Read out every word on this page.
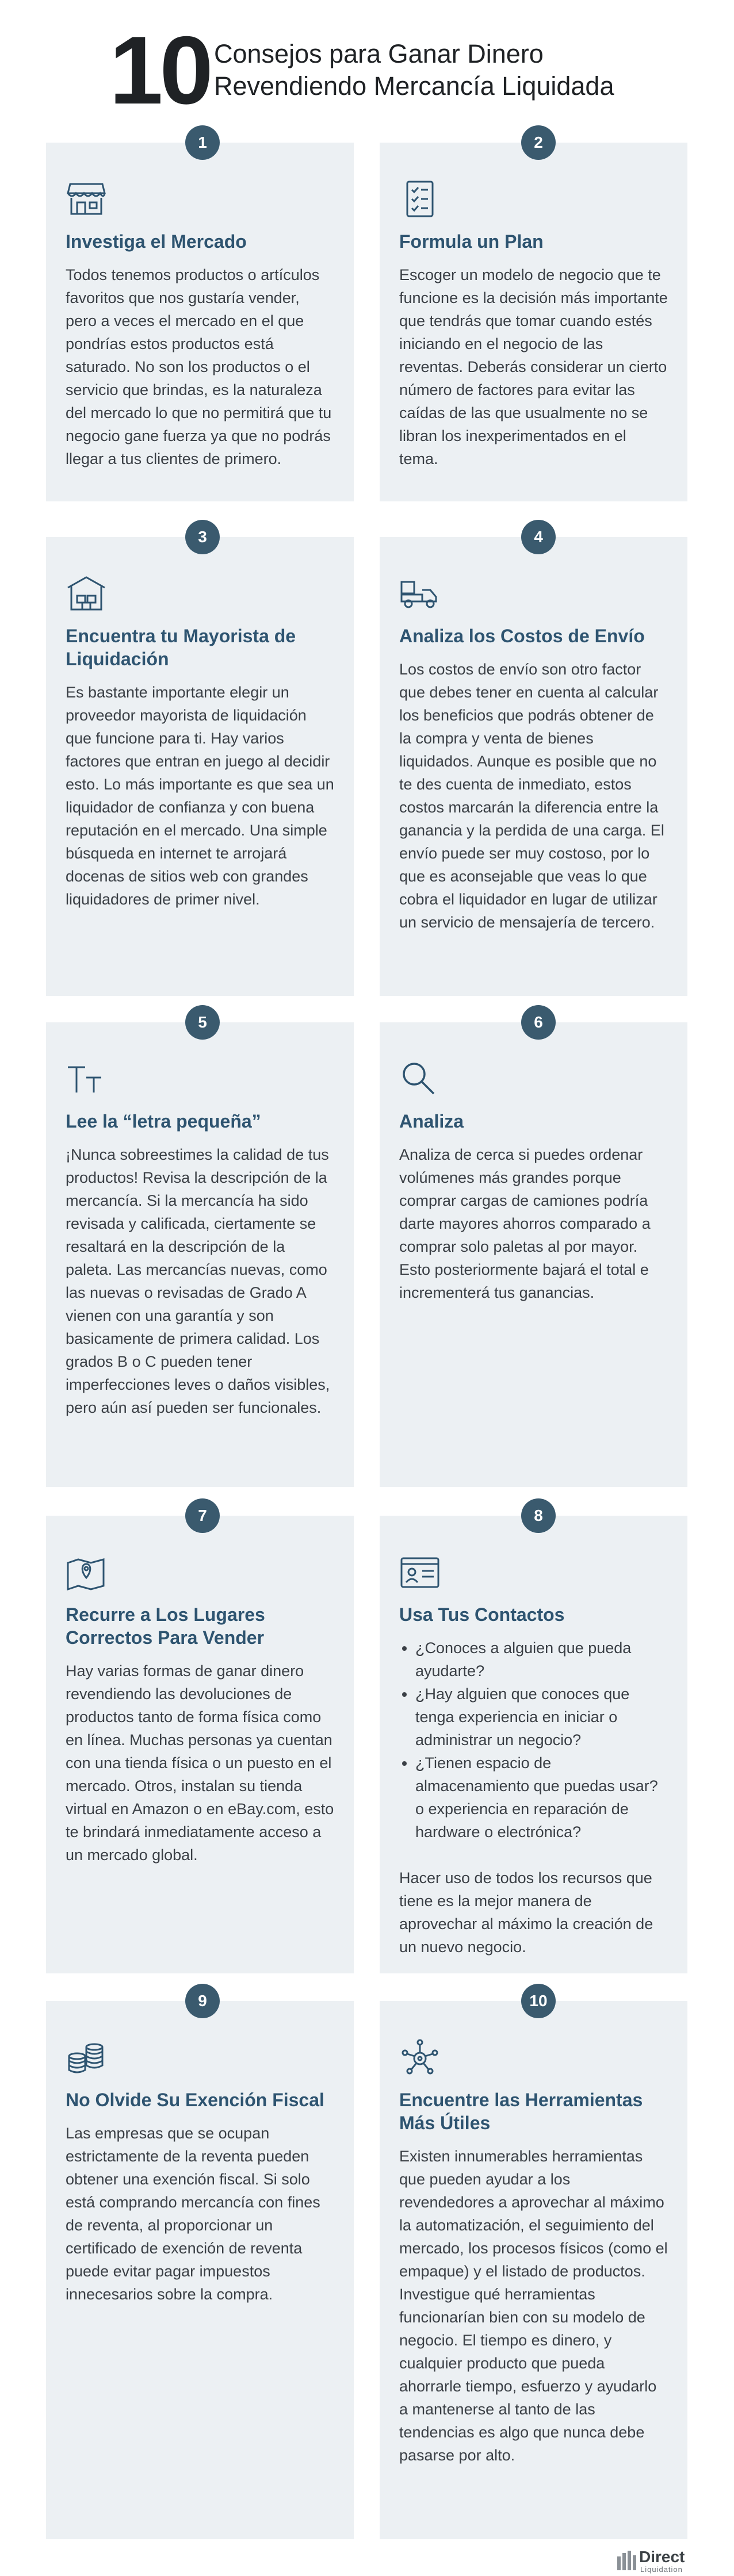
10 Consejos para Ganar Dinero
Revendiendo Mercancía Liquidada
1	2
3	4
5	6
7	8
9	10
Investiga el Mercado
Todos tenemos productos o artículos favoritos que nos gustaría vender, pero a veces el mercado en el que pondrías estos productos está saturado. No son los productos o el servicio que brindas, es la naturaleza del mercado lo que no permitirá que tu negocio gane fuerza ya que no podrás llegar a tus clientes de primero.
Formula un Plan
Escoger un modelo de negocio que te funcione es la decisión más importante que tendrás que tomar cuando estés iniciando en el negocio de las reventas. Deberás considerar un cierto número de factores para evitar las caídas de las que usualmente no se libran los inexperimentados en el tema.
Encuentra tu Mayorista de Liquidación
Es bastante importante elegir un proveedor mayorista de liquidación que funcione para ti. Hay varios factores que entran en juego al decidir esto. Lo más importante es que sea un liquidador de confianza y con buena reputación en el mercado. Una simple búsqueda en internet te arrojará docenas de sitios web con grandes liquidadores de primer nivel.
Analiza los Costos de Envío
Los costos de envío son otro factor que debes tener en cuenta al calcular los beneficios que podrás obtener de la compra y venta de bienes liquidados. Aunque es posible que no te des cuenta de inmediato, estos costos marcarán la diferencia entre la ganancia y la perdida de una carga. El envío puede ser muy costoso, por lo que es aconsejable que veas lo que cobra el liquidador en lugar de utilizar un servicio de mensajería de tercero.
Lee la “letra pequeña”
¡Nunca sobreestimes la calidad de tus productos! Revisa la descripción de la mercancía. Si la mercancía ha sido revisada y calificada, ciertamente se resaltará en la descripción de la paleta. Las mercancías nuevas, como las nuevas o revisadas de Grado A vienen con una garantía y son basicamente de primera calidad. Los grados B o C pueden tener imperfecciones leves o daños visibles, pero aún así pueden ser funcionales.
Analiza
Analiza de cerca si puedes ordenar volúmenes más grandes porque comprar cargas de camiones podría darte mayores ahorros comparado a comprar solo paletas al por mayor. Esto posteriormente bajará el total e incrementerá tus ganancias.
Recurre a Los Lugares Correctos Para Vender
Hay varias formas de ganar dinero revendiendo las devoluciones de productos tanto de forma física como en línea. Muchas personas ya cuentan con una tienda física o un puesto en el mercado. Otros, instalan su tienda virtual en Amazon o en eBay.com, esto te brindará inmediatamente acceso a un mercado global.
Usa Tus Contactos
• ¿Conoces a alguien que pueda ayudarte?
• ¿Hay alguien que conoces que tenga experiencia en iniciar o administrar un negocio?
• ¿Tienen espacio de almacenamiento que puedas usar? o experiencia en reparación de hardware o electrónica?
Hacer uso de todos los recursos que tiene es la mejor manera de aprovechar al máximo la creación de un nuevo negocio.
No Olvide Su Exención Fiscal
Las empresas que se ocupan estrictamente de la reventa pueden obtener una exención fiscal. Si solo está comprando mercancía con fines de reventa, al proporcionar un certificado de exención de reventa puede evitar pagar impuestos innecesarios sobre la compra.
Encuentre las Herramientas Más Útiles
Existen innumerables herramientas que pueden ayudar a los revendedores a aprovechar al máximo la automatización, el seguimiento del mercado, los procesos físicos (como el empaque) y el listado de productos. Investigue qué herramientas funcionarían bien con su modelo de negocio. El tiempo es dinero, y cualquier producto que pueda ahorrarle tiempo, esfuerzo y ayudarlo a mantenerse al tanto de las tendencias es algo que nunca debe pasarse por alto.
Direct
Liquidation
